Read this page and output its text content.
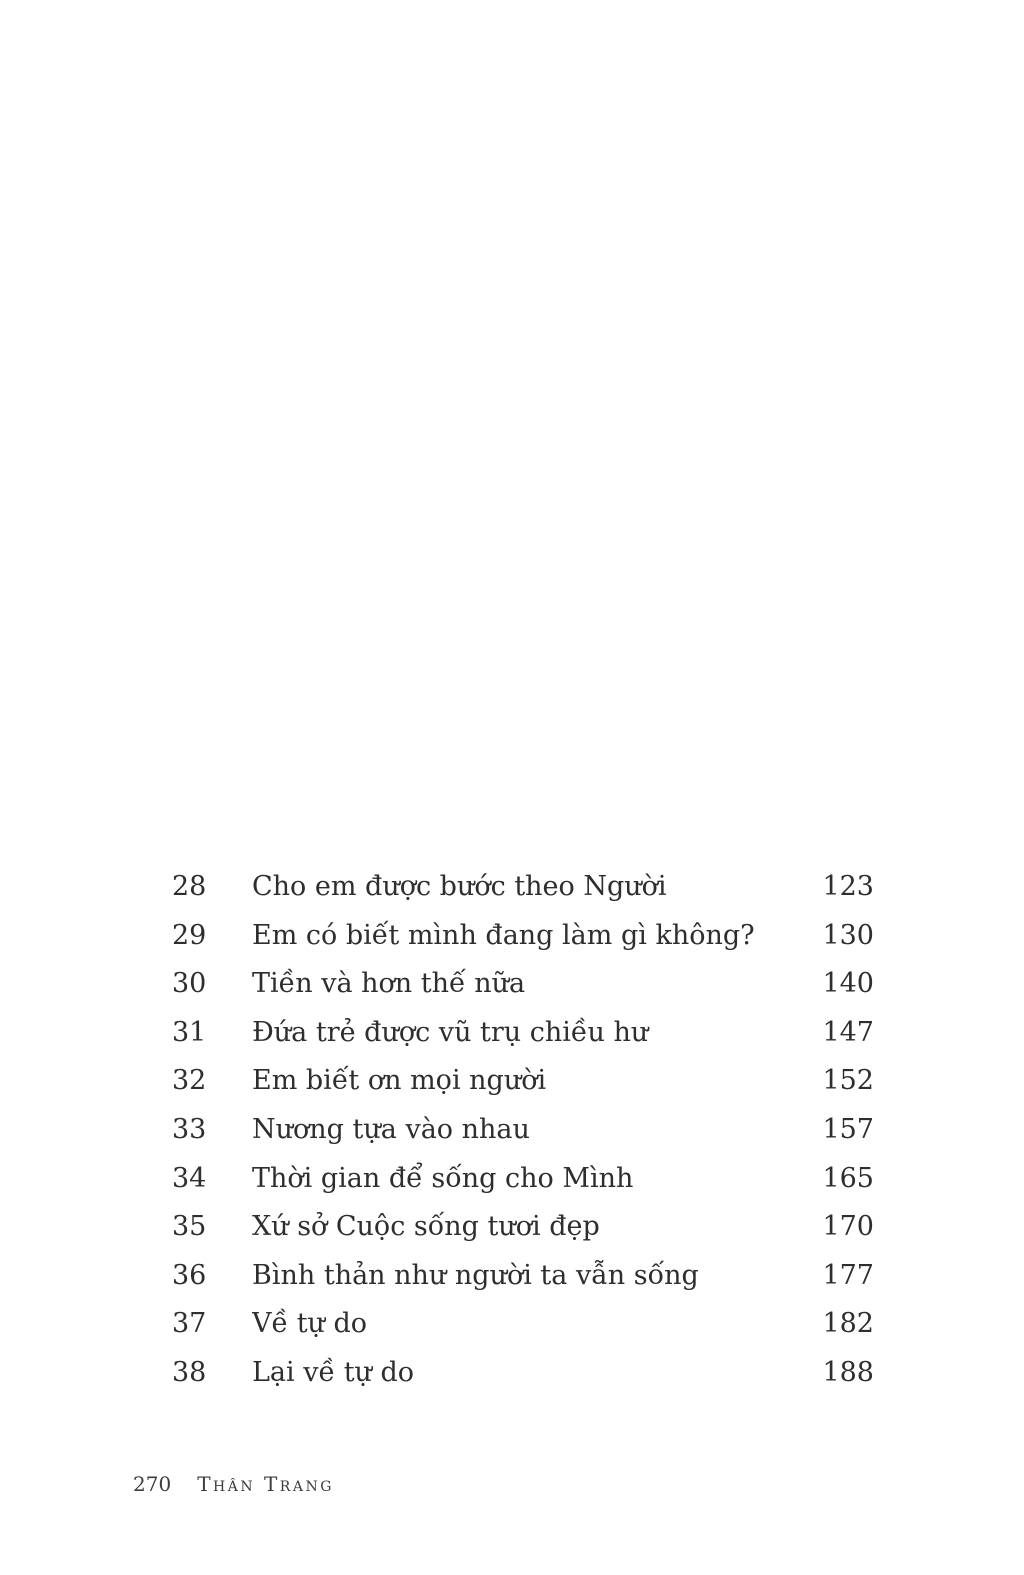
28	Cho em được bước theo Người	123
29	Em có biết mình đang làm gì không?	130
30	Tiền và hơn thế nữa	140
31	Đứa trẻ được vũ trụ chiều hư	147
32	Em biết ơn mọi người	152
33	Nương tựa vào nhau	157
34	Thời gian để sống cho Mình	165
35	Xứ sở Cuộc sống tươi đẹp	170
36	Bình thản như người ta vẫn sống	177
37	Về tự do	182
38	Lại về tự do	188
270 Thân Trang
